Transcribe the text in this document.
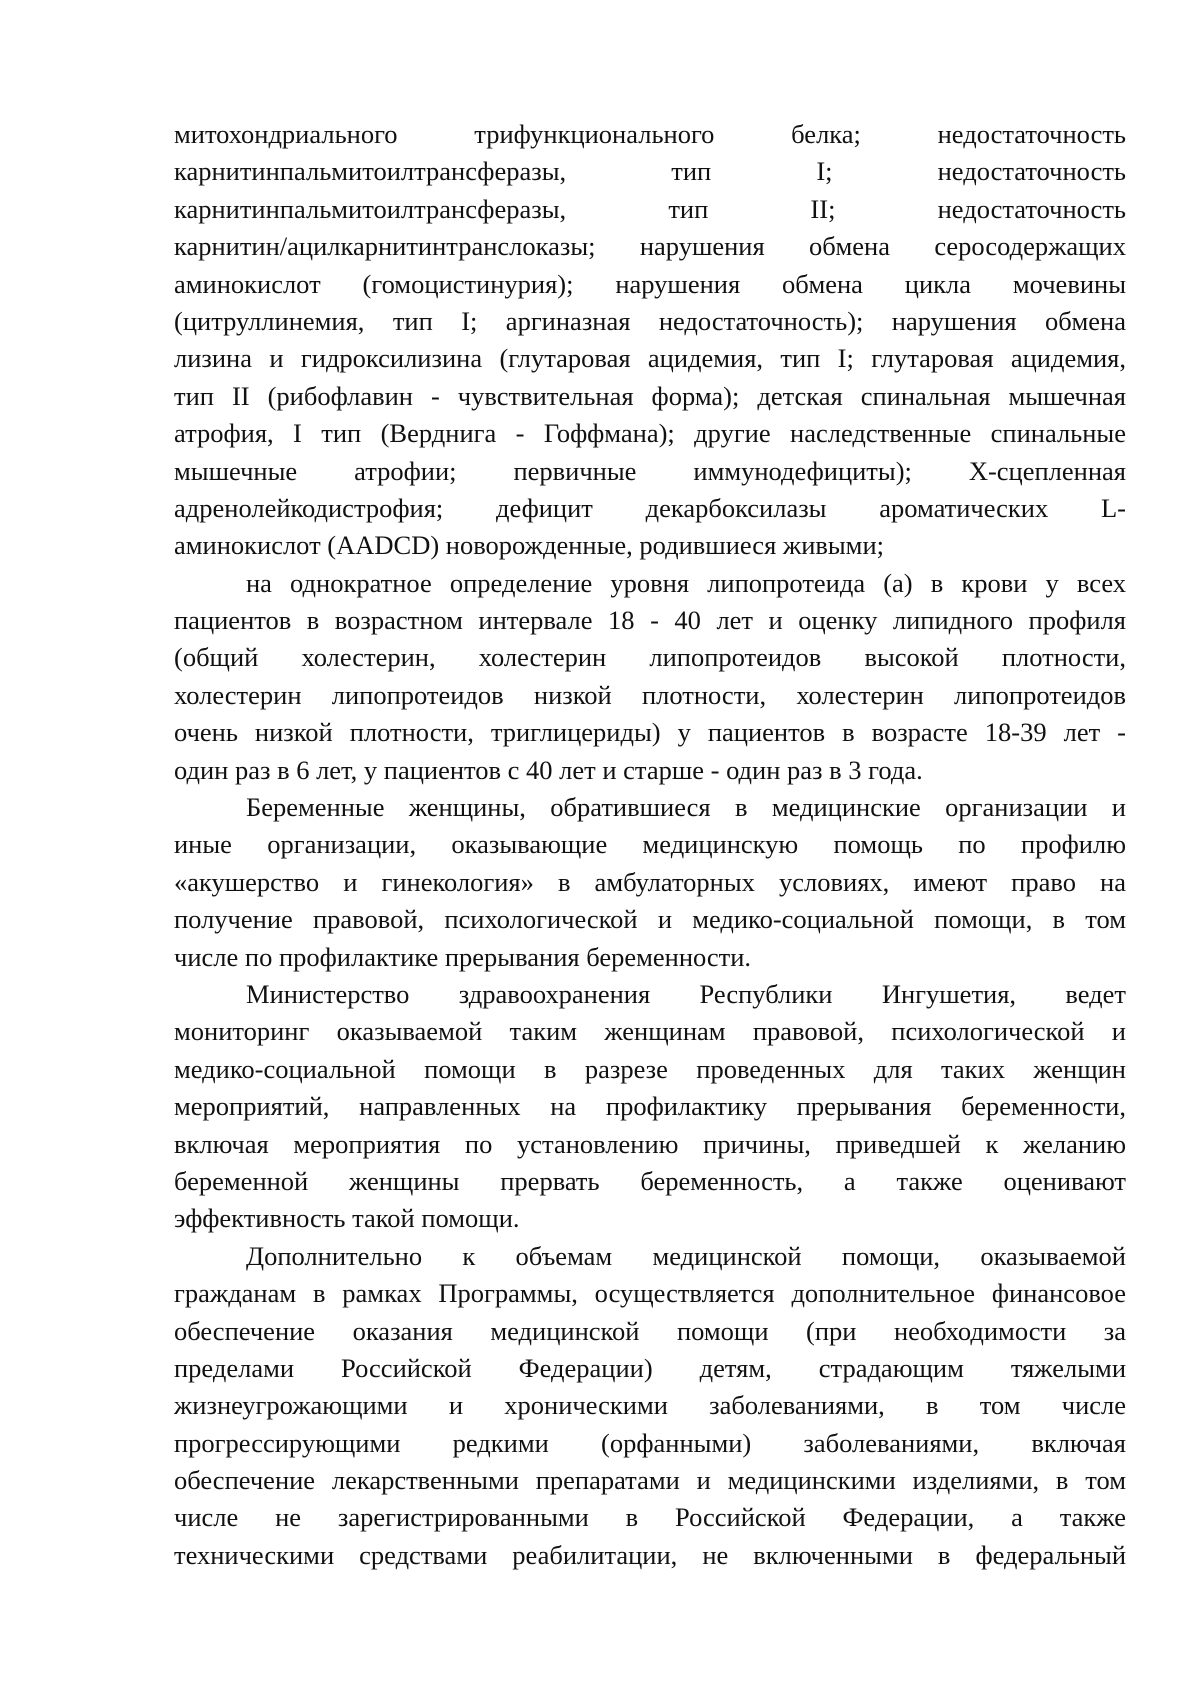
митохондриального трифункционального белка; недостаточность
карнитинпальмитоилтрансферазы, тип I; недостаточность
карнитинпальмитоилтрансферазы, тип II; недостаточность
карнитин/ацилкарнитинтранслоказы; нарушения обмена серосодержащих
аминокислот (гомоцистинурия); нарушения обмена цикла мочевины
(цитруллинемия, тип I; аргиназная недостаточность); нарушения обмена
лизина и гидроксилизина (глутаровая ацидемия, тип I; глутаровая ацидемия,
тип II (рибофлавин - чувствительная форма); детская спинальная мышечная
атрофия, I тип (Верднига - Гоффмана); другие наследственные спинальные
мышечные атрофии; первичные иммунодефициты); X-сцепленная
адренолейкодистрофия; дефицит декарбоксилазы ароматических L-
аминокислот (AADCD) новорожденные, родившиеся живыми;
на однократное определение уровня липопротеида (а) в крови у всех
пациентов в возрастном интервале 18 - 40 лет и оценку липидного профиля
(общий холестерин, холестерин липопротеидов высокой плотности,
холестерин липопротеидов низкой плотности, холестерин липопротеидов
очень низкой плотности, триглицериды) у пациентов в возрасте 18-39 лет -
один раз в 6 лет, у пациентов с 40 лет и старше - один раз в 3 года.
Беременные женщины, обратившиеся в медицинские организации и
иные организации, оказывающие медицинскую помощь по профилю
«акушерство и гинекология» в амбулаторных условиях, имеют право на
получение правовой, психологической и медико-социальной помощи, в том
числе по профилактике прерывания беременности.
Министерство здравоохранения Республики Ингушетия, ведет
мониторинг оказываемой таким женщинам правовой, психологической и
медико-социальной помощи в разрезе проведенных для таких женщин
мероприятий, направленных на профилактику прерывания беременности,
включая мероприятия по установлению причины, приведшей к желанию
беременной женщины прервать беременность, а также оценивают
эффективность такой помощи.
Дополнительно к объемам медицинской помощи, оказываемой
гражданам в рамках Программы, осуществляется дополнительное финансовое
обеспечение оказания медицинской помощи (при необходимости за
пределами Российской Федерации) детям, страдающим тяжелыми
жизнеугрожающими и хроническими заболеваниями, в том числе
прогрессирующими редкими (орфанными) заболеваниями, включая
обеспечение лекарственными препаратами и медицинскими изделиями, в том
числе не зарегистрированными в Российской Федерации, а также
техническими средствами реабилитации, не включенными в федеральный
